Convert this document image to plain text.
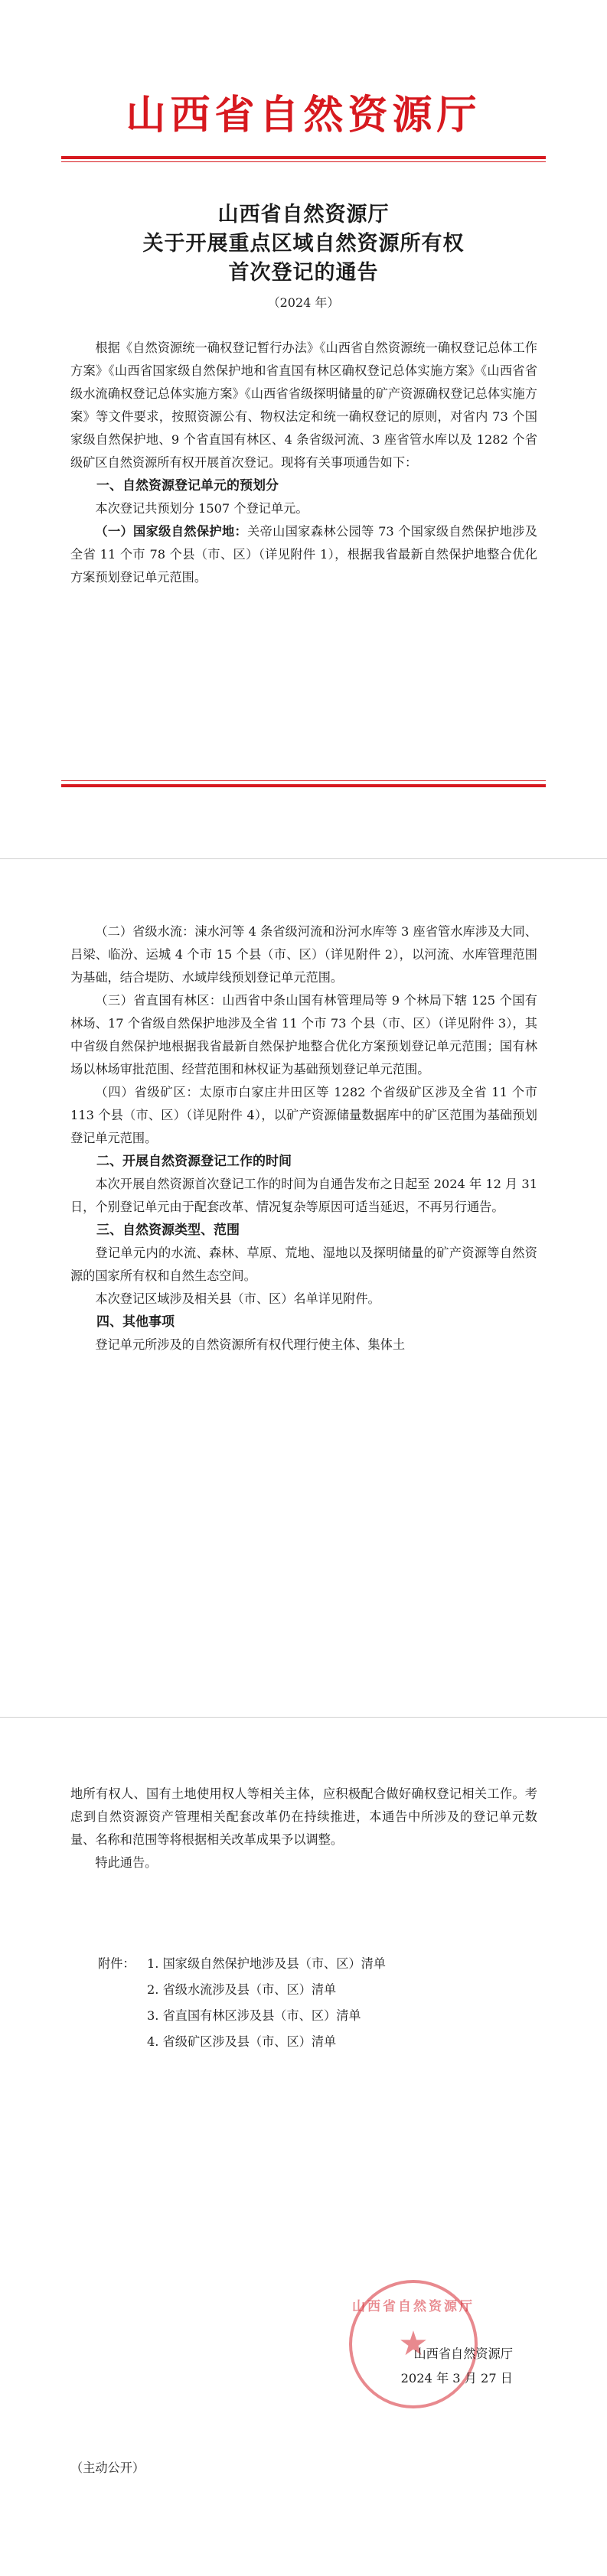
山西省自然资源厅
山西省自然资源厅
关于开展重点区域自然资源所有权
首次登记的通告
（2024 年）

根据《自然资源统一确权登记暂行办法》《山西省自然资源统一确权登记总体工作方案》《山西省国家级自然保护地和省直国有林区确权登记总体实施方案》《山西省省级水流确权登记总体实施方案》《山西省省级探明储量的矿产资源确权登记总体实施方案》等文件要求，按照资源公有、物权法定和统一确权登记的原则，对省内 73 个国家级自然保护地、9 个省直国有林区、4 条省级河流、3 座省管水库以及 1282 个省级矿区自然资源所有权开展首次登记。现将有关事项通告如下：

一、自然资源登记单元的预划分

本次登记共预划分 1507 个登记单元。

（一）国家级自然保护地：关帝山国家森林公园等 73 个国家级自然保护地涉及全省 11 个市 78 个县（市、区）（详见附件 1），根据我省最新自然保护地整合优化方案预划登记单元范围。

（二）省级水流：涑水河等 4 条省级河流和汾河水库等 3 座省管水库涉及大同、吕梁、临汾、运城 4 个市 15 个县（市、区）（详见附件 2），以河流、水库管理范围为基础，结合堤防、水域岸线预划登记单元范围。

（三）省直国有林区：山西省中条山国有林管理局等 9 个林局下辖 125 个国有林场、17 个省级自然保护地涉及全省 11 个市 73 个县（市、区）（详见附件 3），其中省级自然保护地根据我省最新自然保护地整合优化方案预划登记单元范围；国有林场以林场审批范围、经营范围和林权证为基础预划登记单元范围。

（四）省级矿区：太原市白家庄井田区等 1282 个省级矿区涉及全省 11 个市 113 个县（市、区）（详见附件 4），以矿产资源储量数据库中的矿区范围为基础预划登记单元范围。

二、开展自然资源登记工作的时间

本次开展自然资源首次登记工作的时间为自通告发布之日起至 2024 年 12 月 31 日，个别登记单元由于配套改革、情况复杂等原因可适当延迟，不再另行通告。

三、自然资源类型、范围

登记单元内的水流、森林、草原、荒地、湿地以及探明储量的矿产资源等自然资源的国家所有权和自然生态空间。

本次登记区域涉及相关县（市、区）名单详见附件。

四、其他事项

登记单元所涉及的自然资源所有权代理行使主体、集体土

地所有权人、国有土地使用权人等相关主体，应积极配合做好确权登记相关工作。考虑到自然资源资产管理相关配套改革仍在持续推进，本通告中所涉及的登记单元数量、名称和范围等将根据相关改革成果予以调整。

特此通告。

附件： 1. 国家级自然保护地涉及县（市、区）清单
2. 省级水流涉及县（市、区）清单
3. 省直国有林区涉及县（市、区）清单
4. 省级矿区涉及县（市、区）清单
山西省自然资源厅
★
山西省自然资源厅
2024 年 3 月 27 日
（主动公开）
